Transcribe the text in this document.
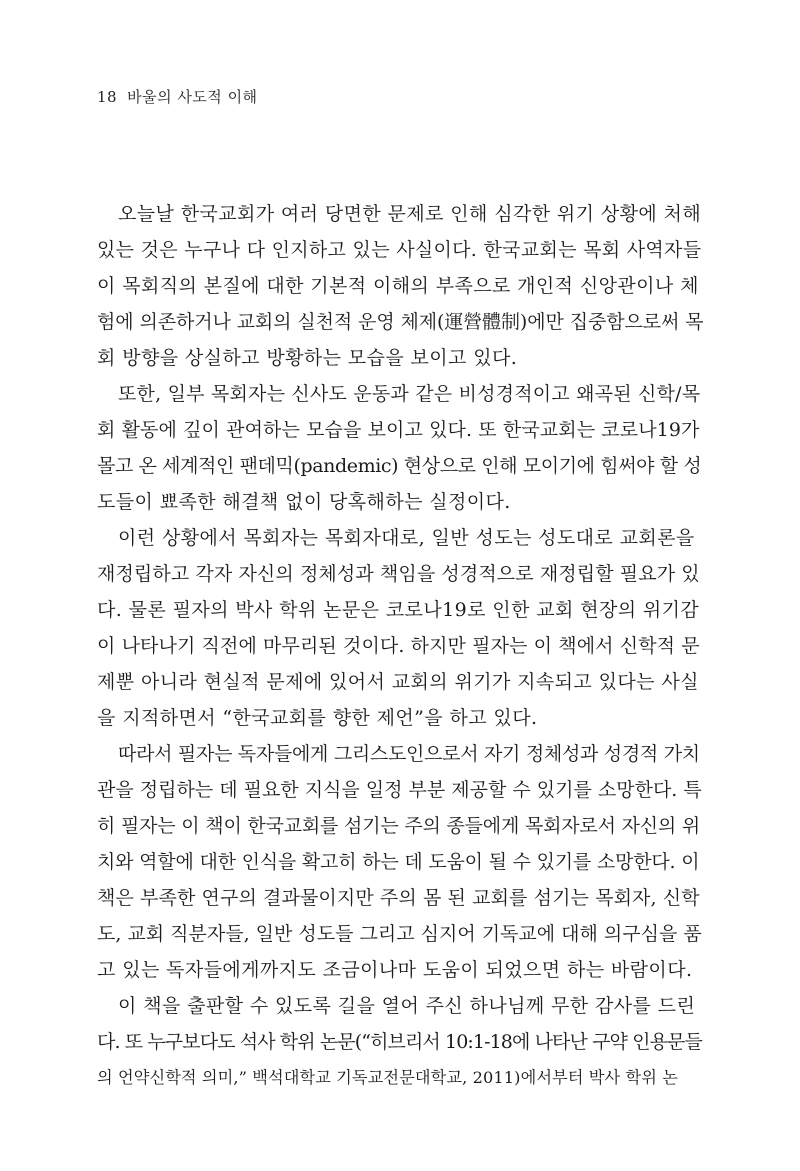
18 바울의 사도적 이해
오늘날 한국교회가 여러 당면한 문제로 인해 심각한 위기 상황에 처해
있는 것은 누구나 다 인지하고 있는 사실이다. 한국교회는 목회 사역자들
이 목회직의 본질에 대한 기본적 이해의 부족으로 개인적 신앙관이나 체
험에 의존하거나 교회의 실천적 운영 체제(運營體制)에만 집중함으로써 목
회 방향을 상실하고 방황하는 모습을 보이고 있다.
또한, 일부 목회자는 신사도 운동과 같은 비성경적이고 왜곡된 신학/목
회 활동에 깊이 관여하는 모습을 보이고 있다. 또 한국교회는 코로나19가
몰고 온 세계적인 팬데믹(pandemic) 현상으로 인해 모이기에 힘써야 할 성
도들이 뾰족한 해결책 없이 당혹해하는 실정이다.
이런 상황에서 목회자는 목회자대로, 일반 성도는 성도대로 교회론을
재정립하고 각자 자신의 정체성과 책임을 성경적으로 재정립할 필요가 있
다. 물론 필자의 박사 학위 논문은 코로나19로 인한 교회 현장의 위기감
이 나타나기 직전에 마무리된 것이다. 하지만 필자는 이 책에서 신학적 문
제뿐 아니라 현실적 문제에 있어서 교회의 위기가 지속되고 있다는 사실
을 지적하면서 “한국교회를 향한 제언”을 하고 있다.
따라서 필자는 독자들에게 그리스도인으로서 자기 정체성과 성경적 가치
관을 정립하는 데 필요한 지식을 일정 부분 제공할 수 있기를 소망한다. 특
히 필자는 이 책이 한국교회를 섬기는 주의 종들에게 목회자로서 자신의 위
치와 역할에 대한 인식을 확고히 하는 데 도움이 될 수 있기를 소망한다. 이
책은 부족한 연구의 결과물이지만 주의 몸 된 교회를 섬기는 목회자, 신학
도, 교회 직분자들, 일반 성도들 그리고 심지어 기독교에 대해 의구심을 품
고 있는 독자들에게까지도 조금이나마 도움이 되었으면 하는 바람이다.
이 책을 출판할 수 있도록 길을 열어 주신 하나님께 무한 감사를 드린
다. 또 누구보다도 석사 학위 논문(“히브리서 10:1-18에 나타난 구약 인용문들
의 언약신학적 의미,” 백석대학교 기독교전문대학교, 2011)에서부터 박사 학위 논
